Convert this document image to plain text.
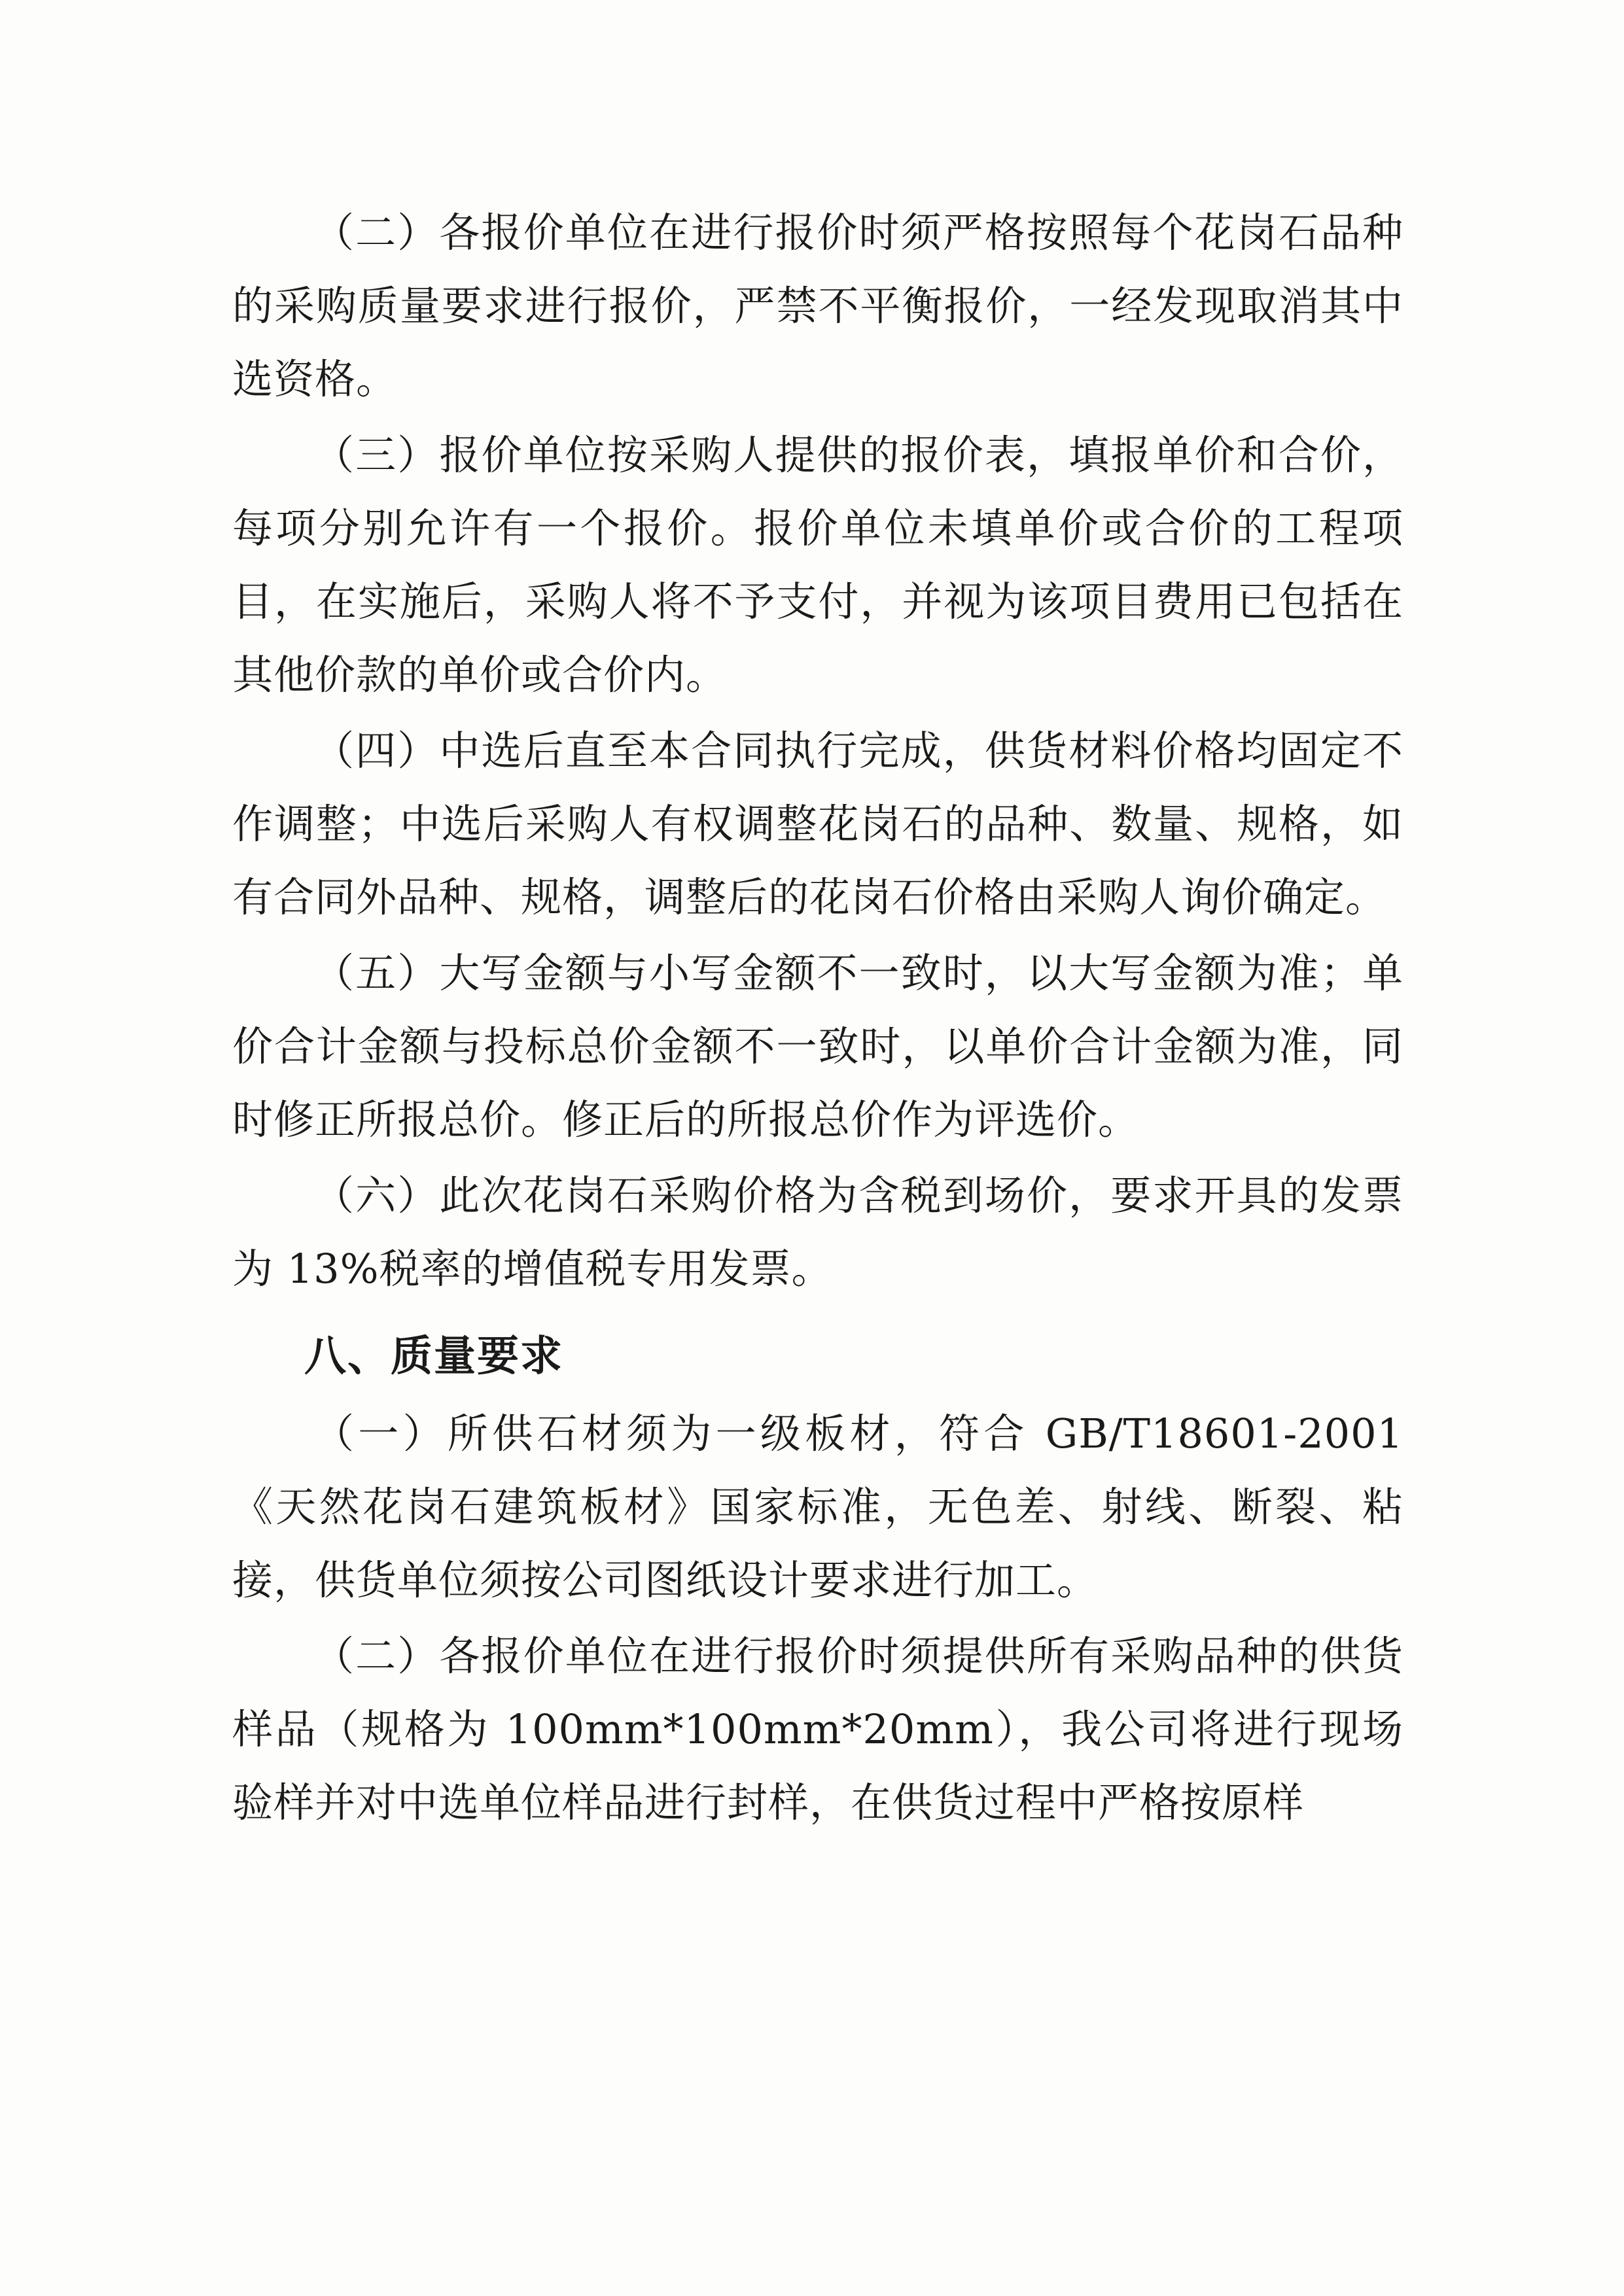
（二）各报价单位在进行报价时须严格按照每个花岗石品种的采购质量要求进行报价，严禁不平衡报价，一经发现取消其中选资格。

（三）报价单位按采购人提供的报价表，填报单价和合价，每项分别允许有一个报价。报价单位未填单价或合价的工程项目，在实施后，采购人将不予支付，并视为该项目费用已包括在其他价款的单价或合价内。

（四）中选后直至本合同执行完成，供货材料价格均固定不作调整；中选后采购人有权调整花岗石的品种、数量、规格，如有合同外品种、规格，调整后的花岗石价格由采购人询价确定。

（五）大写金额与小写金额不一致时，以大写金额为准；单价合计金额与投标总价金额不一致时，以单价合计金额为准，同时修正所报总价。修正后的所报总价作为评选价。

（六）此次花岗石采购价格为含税到场价，要求开具的发票为 13%税率的增值税专用发票。

八、质量要求

（一）所供石材须为一级板材，符合 GB/T18601-2001《天然花岗石建筑板材》国家标准，无色差、射线、断裂、粘接，供货单位须按公司图纸设计要求进行加工。

（二）各报价单位在进行报价时须提供所有采购品种的供货样品（规格为 100mm*100mm*20mm），我公司将进行现场验样并对中选单位样品进行封样，在供货过程中严格按原样
